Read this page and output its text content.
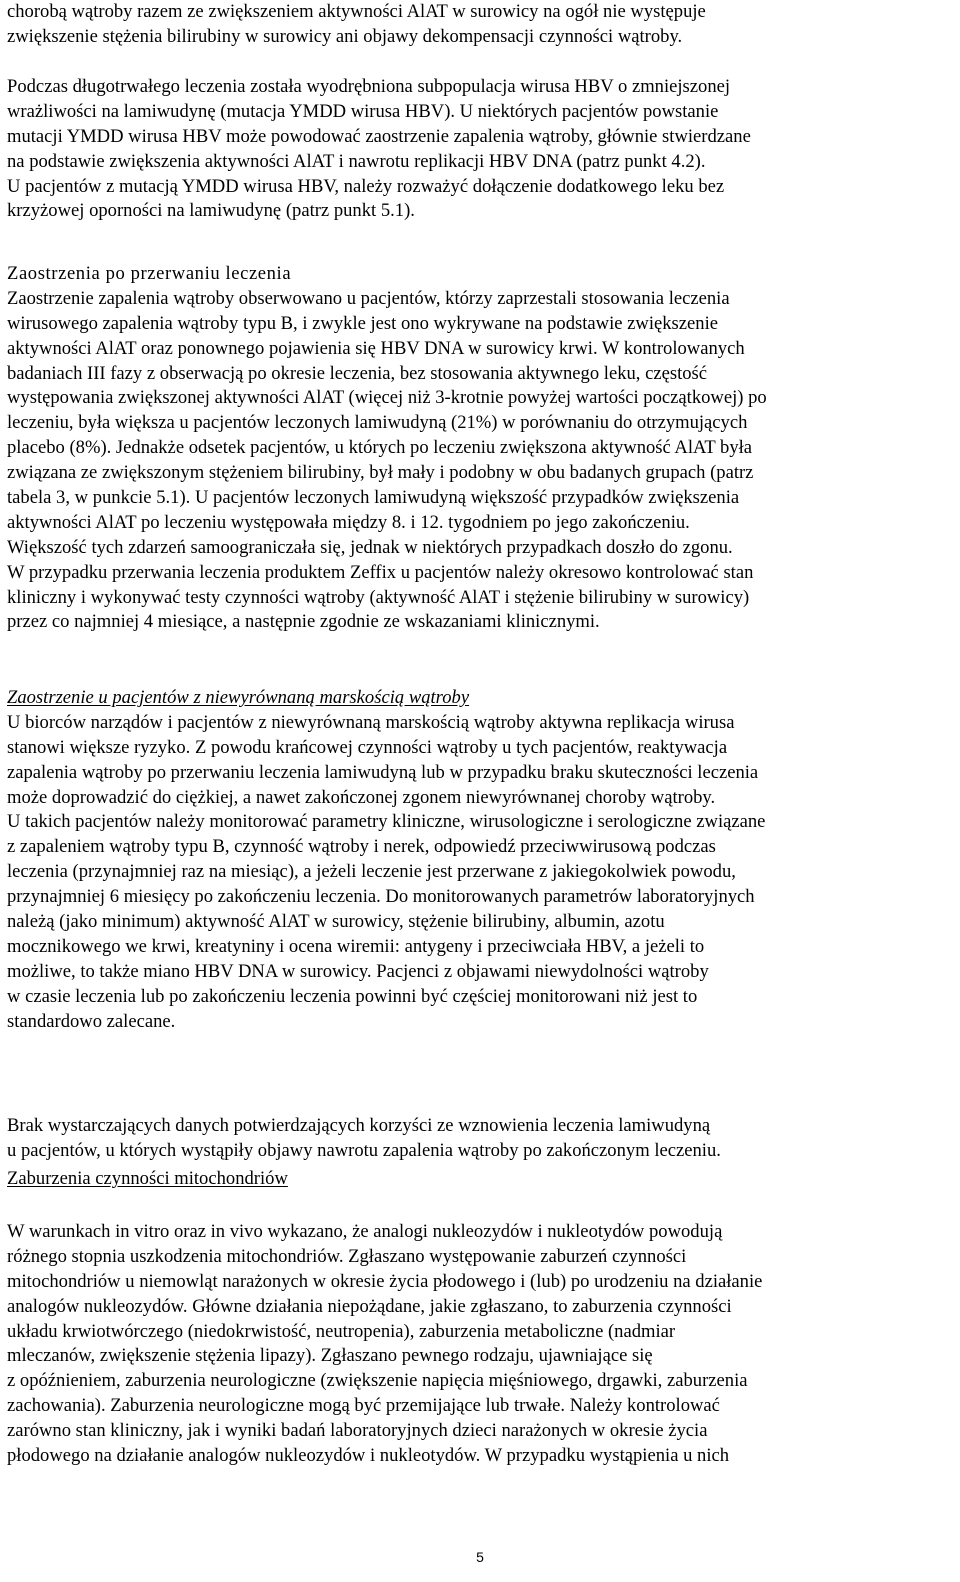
chorobą wątroby razem ze zwiększeniem aktywności AlAT w surowicy na ogół nie występuje
zwiększenie stężenia bilirubiny w surowicy ani objawy dekompensacji czynności wątroby.
Podczas długotrwałego leczenia została wyodrębniona subpopulacja wirusa HBV o zmniejszonej
wrażliwości na lamiwudynę (mutacja YMDD wirusa HBV). U niektórych pacjentów powstanie
mutacji YMDD wirusa HBV może powodować zaostrzenie zapalenia wątroby, głównie stwierdzane
na podstawie zwiększenia aktywności AlAT i nawrotu replikacji HBV DNA (patrz punkt 4.2).
U pacjentów z mutacją YMDD wirusa HBV, należy rozważyć dołączenie dodatkowego leku bez
krzyżowej oporności na lamiwudynę (patrz punkt 5.1).
Zaostrzenia po przerwaniu leczenia
Zaostrzenie zapalenia wątroby obserwowano u pacjentów, którzy zaprzestali stosowania leczenia
wirusowego zapalenia wątroby typu B, i zwykle jest ono wykrywane na podstawie zwiększenie
aktywności AlAT oraz ponownego pojawienia się HBV DNA w surowicy krwi. W kontrolowanych
badaniach III fazy z obserwacją po okresie leczenia, bez stosowania aktywnego leku, częstość
występowania zwiększonej aktywności AlAT (więcej niż 3-krotnie powyżej wartości początkowej) po
leczeniu, była większa u pacjentów leczonych lamiwudyną (21%) w porównaniu do otrzymujących
placebo (8%). Jednakże odsetek pacjentów, u których po leczeniu zwiększona aktywność AlAT była
związana ze zwiększonym stężeniem bilirubiny, był mały i podobny w obu badanych grupach (patrz
tabela 3, w punkcie 5.1). U pacjentów leczonych lamiwudyną większość przypadków zwiększenia
aktywności AlAT po leczeniu występowała między 8. i 12. tygodniem po jego zakończeniu.
Większość tych zdarzeń samoograniczała się, jednak w niektórych przypadkach doszło do zgonu.
W przypadku przerwania leczenia produktem Zeffix u pacjentów należy okresowo kontrolować stan
kliniczny i wykonywać testy czynności wątroby (aktywność AlAT i stężenie bilirubiny w surowicy)
przez co najmniej 4 miesiące, a następnie zgodnie ze wskazaniami klinicznymi.
Zaostrzenie u pacjentów z niewyrównaną marskością wątroby
U biorców narządów i pacjentów z niewyrównaną marskością wątroby aktywna replikacja wirusa
stanowi większe ryzyko. Z powodu krańcowej czynności wątroby u tych pacjentów, reaktywacja
zapalenia wątroby po przerwaniu leczenia lamiwudyną lub w przypadku braku skuteczności leczenia
może doprowadzić do ciężkiej, a nawet zakończonej zgonem niewyrównanej choroby wątroby.
U takich pacjentów należy monitorować parametry kliniczne, wirusologiczne i serologiczne związane
z zapaleniem wątroby typu B, czynność wątroby i nerek, odpowiedź przeciwwirusową podczas
leczenia (przynajmniej raz na miesiąc), a jeżeli leczenie jest przerwane z jakiegokolwiek powodu,
przynajmniej 6 miesięcy po zakończeniu leczenia. Do monitorowanych parametrów laboratoryjnych
należą (jako minimum) aktywność AlAT w surowicy, stężenie bilirubiny, albumin, azotu
mocznikowego we krwi, kreatyniny i ocena wiremii: antygeny i przeciwciała HBV, a jeżeli to
możliwe, to także miano HBV DNA w surowicy. Pacjenci z objawami niewydolności wątroby
w czasie leczenia lub po zakończeniu leczenia powinni być częściej monitorowani niż jest to
standardowo zalecane.
Brak wystarczających danych potwierdzających korzyści ze wznowienia leczenia lamiwudyną
u pacjentów, u których wystąpiły objawy nawrotu zapalenia wątroby po zakończonym leczeniu.
Zaburzenia czynności mitochondriów
W warunkach in vitro oraz in vivo wykazano, że analogi nukleozydów i nukleotydów powodują
różnego stopnia uszkodzenia mitochondriów. Zgłaszano występowanie zaburzeń czynności
mitochondriów u niemowląt narażonych w okresie życia płodowego i (lub) po urodzeniu na działanie
analogów nukleozydów. Główne działania niepożądane, jakie zgłaszano, to zaburzenia czynności
układu krwiotwórczego (niedokrwistość, neutropenia), zaburzenia metaboliczne (nadmiar
mleczanów, zwiększenie stężenia lipazy). Zgłaszano pewnego rodzaju, ujawniające się
z opóźnieniem, zaburzenia neurologiczne (zwiększenie napięcia mięśniowego, drgawki, zaburzenia
zachowania). Zaburzenia neurologiczne mogą być przemijające lub trwałe. Należy kontrolować
zarówno stan kliniczny, jak i wyniki badań laboratoryjnych dzieci narażonych w okresie życia
płodowego na działanie analogów nukleozydów i nukleotydów. W przypadku wystąpienia u nich
5
